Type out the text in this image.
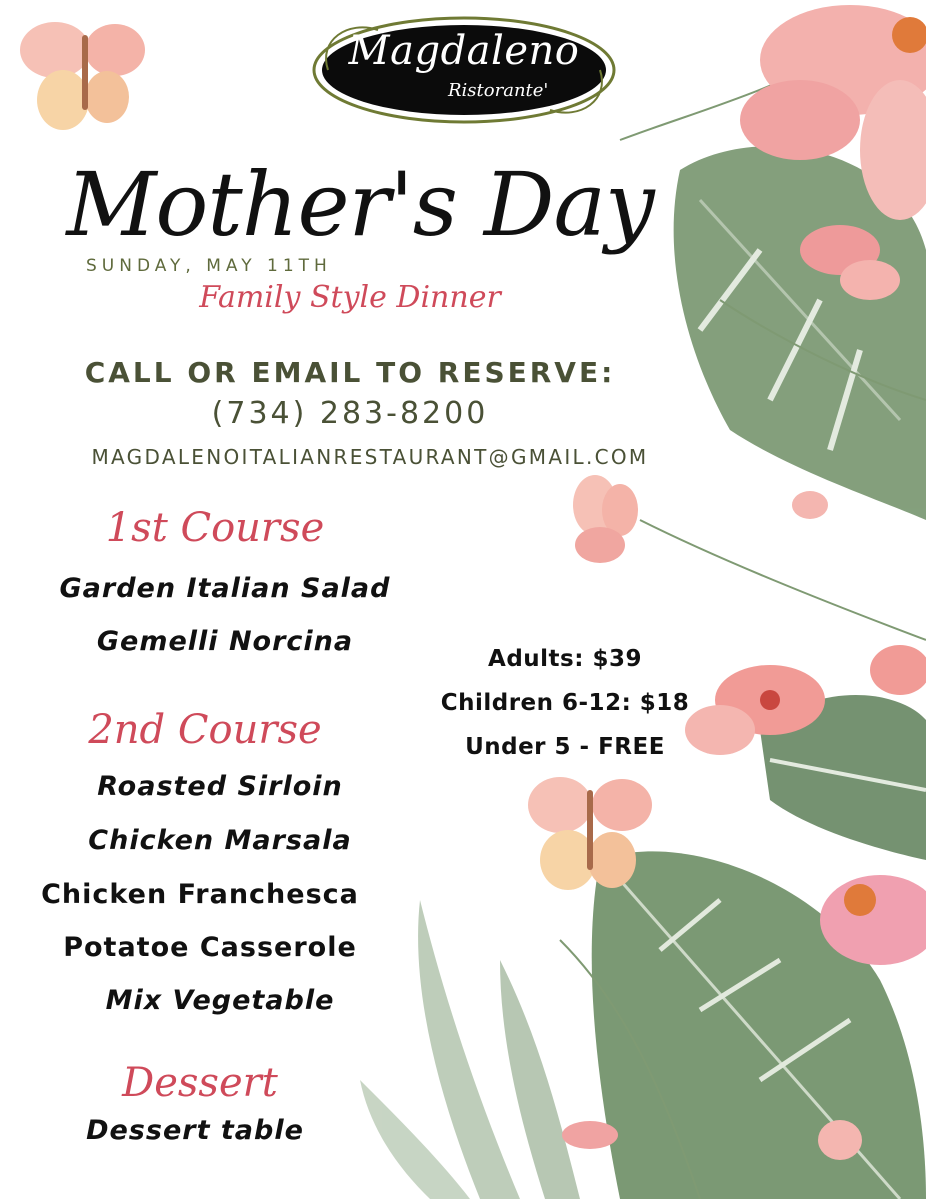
Magdaleno
Ristorante'
Mother's Day
SUNDAY, MAY 11TH
Family Style Dinner
CALL OR EMAIL TO RESERVE:
(734) 283-8200
MAGDALENOITALIANRESTAURANT@GMAIL.COM
1st Course
Garden Italian Salad
Gemelli Norcina
2nd Course
Roasted Sirloin
Chicken Marsala
Chicken Franchesca
Potatoe Casserole
Mix Vegetable
Dessert
Dessert table
Adults: $39
Children 6-12: $18
Under 5 - FREE
